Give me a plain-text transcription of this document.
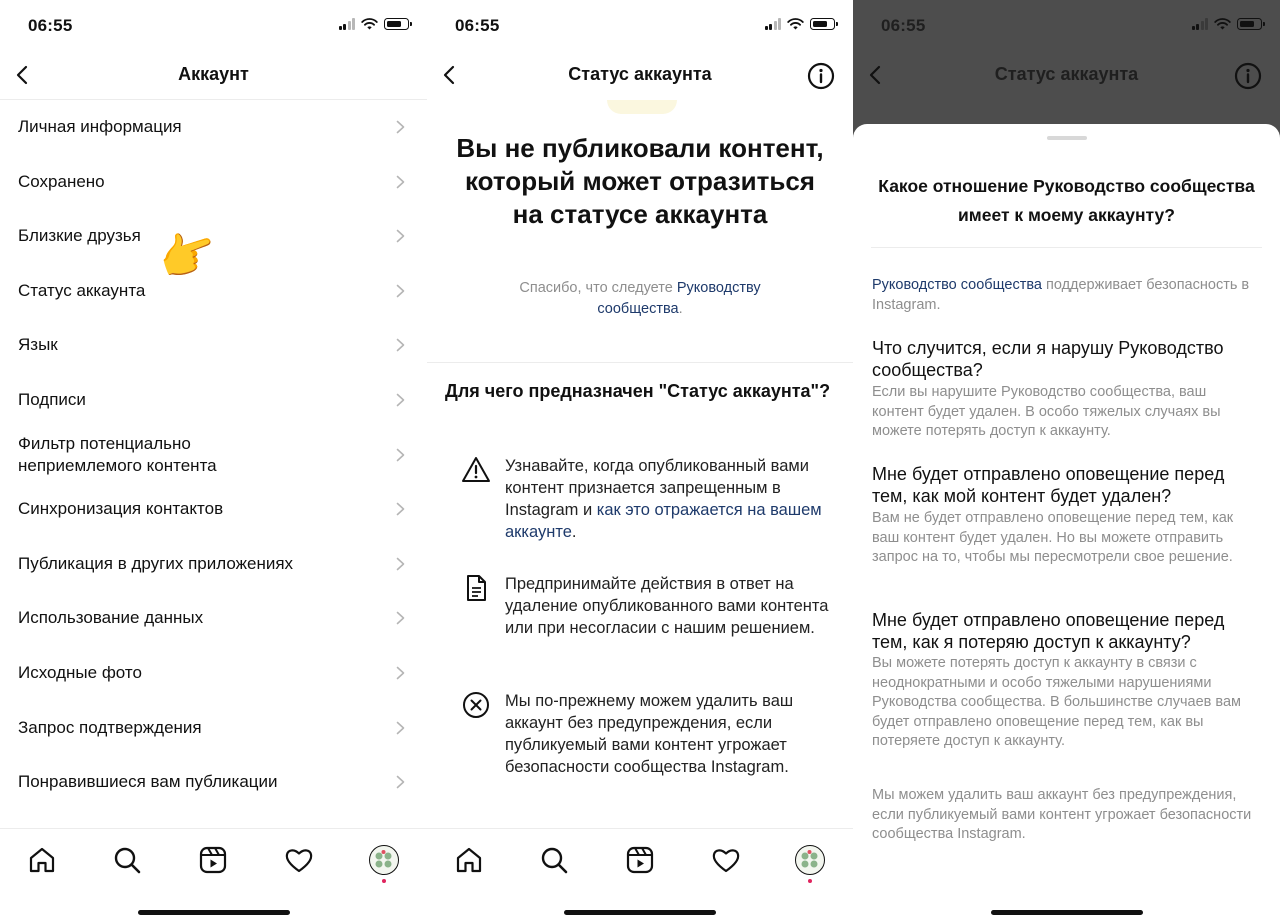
06:55
Аккаунт
Личная информация
Сохранено
Близкие друзья
Статус аккаунта
Язык
Подписи
Фильтр потенциально неприемлемого контента
Синхронизация контактов
Публикация в других приложениях
Использование данных
Исходные фото
Запрос подтверждения
Понравившиеся вам публикации
👉
06:55
Статус аккаунта
Вы не публиковали контент, который может отразиться на статусе аккаунта
Спасибо, что следуете Руководству сообщества.
Для чего предназначен "Статус аккаунта"?
Узнавайте, когда опубликованный вами контент признается запрещенным в Instagram и как это отражается на вашем аккаунте.
Предпринимайте действия в ответ на удаление опубликованного вами контента или при несогласии с нашим решением.
Мы по-прежнему можем удалить ваш аккаунт без предупреждения, если публикуемый вами контент угрожает безопасности сообщества Instagram.
06:55
Статус аккаунта
Какое отношение Руководство сообщества имеет к моему аккаунту?
Руководство сообщества поддерживает безопасность в Instagram.
Что случится, если я нарушу Руководство сообщества?
Если вы нарушите Руководство сообщества, ваш контент будет удален. В особо тяжелых случаях вы можете потерять доступ к аккаунту.
Мне будет отправлено оповещение перед тем, как мой контент будет удален?
Вам не будет отправлено оповещение перед тем, как ваш контент будет удален. Но вы можете отправить запрос на то, чтобы мы пересмотрели свое решение.
Мне будет отправлено оповещение перед тем, как я потеряю доступ к аккаунту?
Вы можете потерять доступ к аккаунту в связи с неоднократными и особо тяжелыми нарушениями Руководства сообщества. В большинстве случаев вам будет отправлено оповещение перед тем, как вы потеряете доступ к аккаунту.
Мы можем удалить ваш аккаунт без предупреждения, если публикуемый вами контент угрожает безопасности сообщества Instagram.
